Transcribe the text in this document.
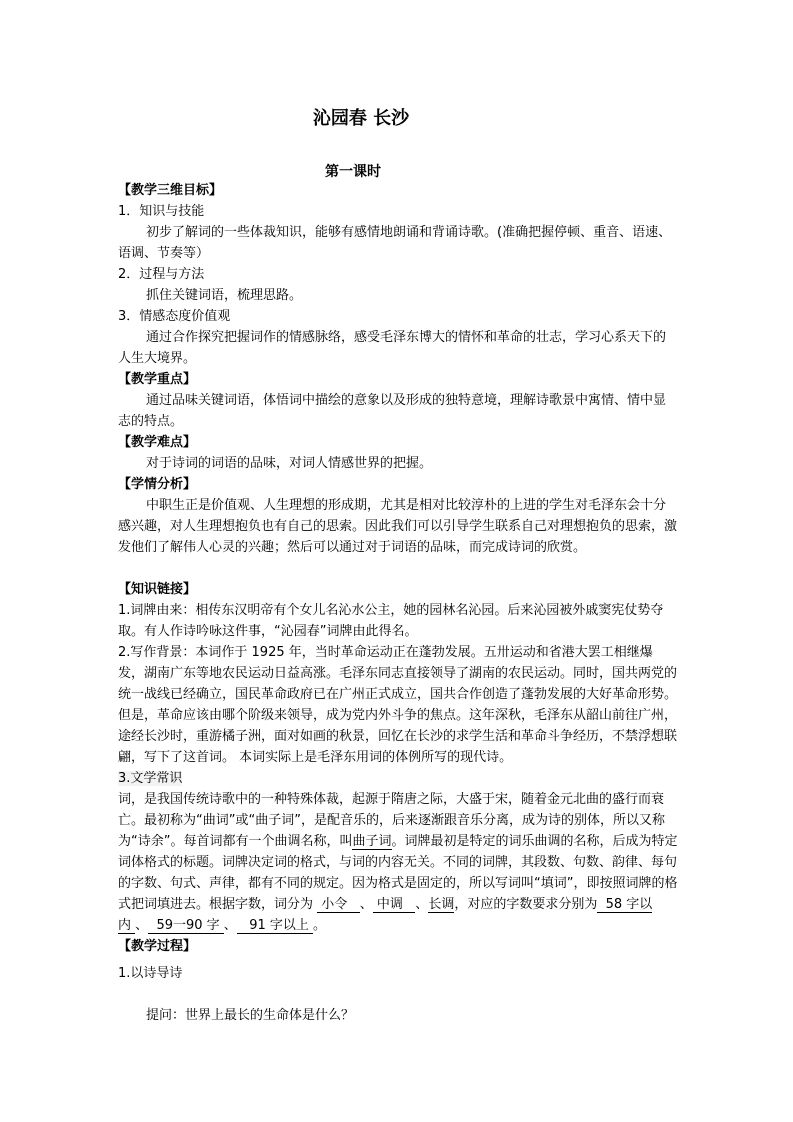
沁园春 长沙
第一课时

【教学三维目标】

1．知识与技能

初步了解词的一些体裁知识，能够有感情地朗诵和背诵诗歌。(准确把握停顿、重音、语速、语调、节奏等）

2．过程与方法

抓住关键词语，梳理思路。

3．情感态度价值观

通过合作探究把握词作的情感脉络，感受毛泽东博大的情怀和革命的壮志，学习心系天下的人生大境界。

【教学重点】

通过品味关键词语，体悟词中描绘的意象以及形成的独特意境，理解诗歌景中寓情、情中显志的特点。

【教学难点】

对于诗词的词语的品味，对词人情感世界的把握。

【学情分析】

中职生正是价值观、人生理想的形成期，尤其是相对比较淳朴的上进的学生对毛泽东会十分感兴趣，对人生理想抱负也有自己的思索。因此我们可以引导学生联系自己对理想抱负的思索，激发他们了解伟人心灵的兴趣；然后可以通过对于词语的品味，而完成诗词的欣赏。

【知识链接】

1.词牌由来：相传东汉明帝有个女儿名沁水公主，她的园林名沁园。后来沁园被外戚窦宪仗势夺取。有人作诗吟咏这件事，“沁园春”词牌由此得名。

2.写作背景：本词作于 1925 年，当时革命运动正在蓬勃发展。五卅运动和省港大罢工相继爆发，湖南广东等地农民运动日益高涨。毛泽东同志直接领导了湖南的农民运动。同时，国共两党的统一战线已经确立，国民革命政府已在广州正式成立，国共合作创造了蓬勃发展的大好革命形势。但是，革命应该由哪个阶级来领导，成为党内外斗争的焦点。这年深秋，毛泽东从韶山前往广州，途经长沙时，重游橘子洲，面对如画的秋景，回忆在长沙的求学生活和革命斗争经历，不禁浮想联翩，写下了这首词。 本词实际上是毛泽东用词的体例所写的现代诗。

3.文学常识

词，是我国传统诗歌中的一种特殊体裁，起源于隋唐之际，大盛于宋，随着金元北曲的盛行而衰亡。最初称为“曲词”或“曲子词”，是配音乐的，后来逐渐跟音乐分离，成为诗的别体，所以又称为“诗余”。每首词都有一个曲调名称，叫曲子词。词牌最初是特定的词乐曲调的名称，后成为特定词体格式的标题。词牌决定词的格式，与词的内容无关。不同的词牌，其段数、句数、韵律、每句的字数、句式、声律，都有不同的规定。因为格式是固定的，所以写词叫“填词”，即按照词牌的格式把词填进去。根据字数，词分为 小令 、 中调 、长调，对应的字数要求分别为 58 字以内 、 59一90 字 、 91 字以上 。

【教学过程】

1.以诗导诗

提问：世界上最长的生命体是什么？
